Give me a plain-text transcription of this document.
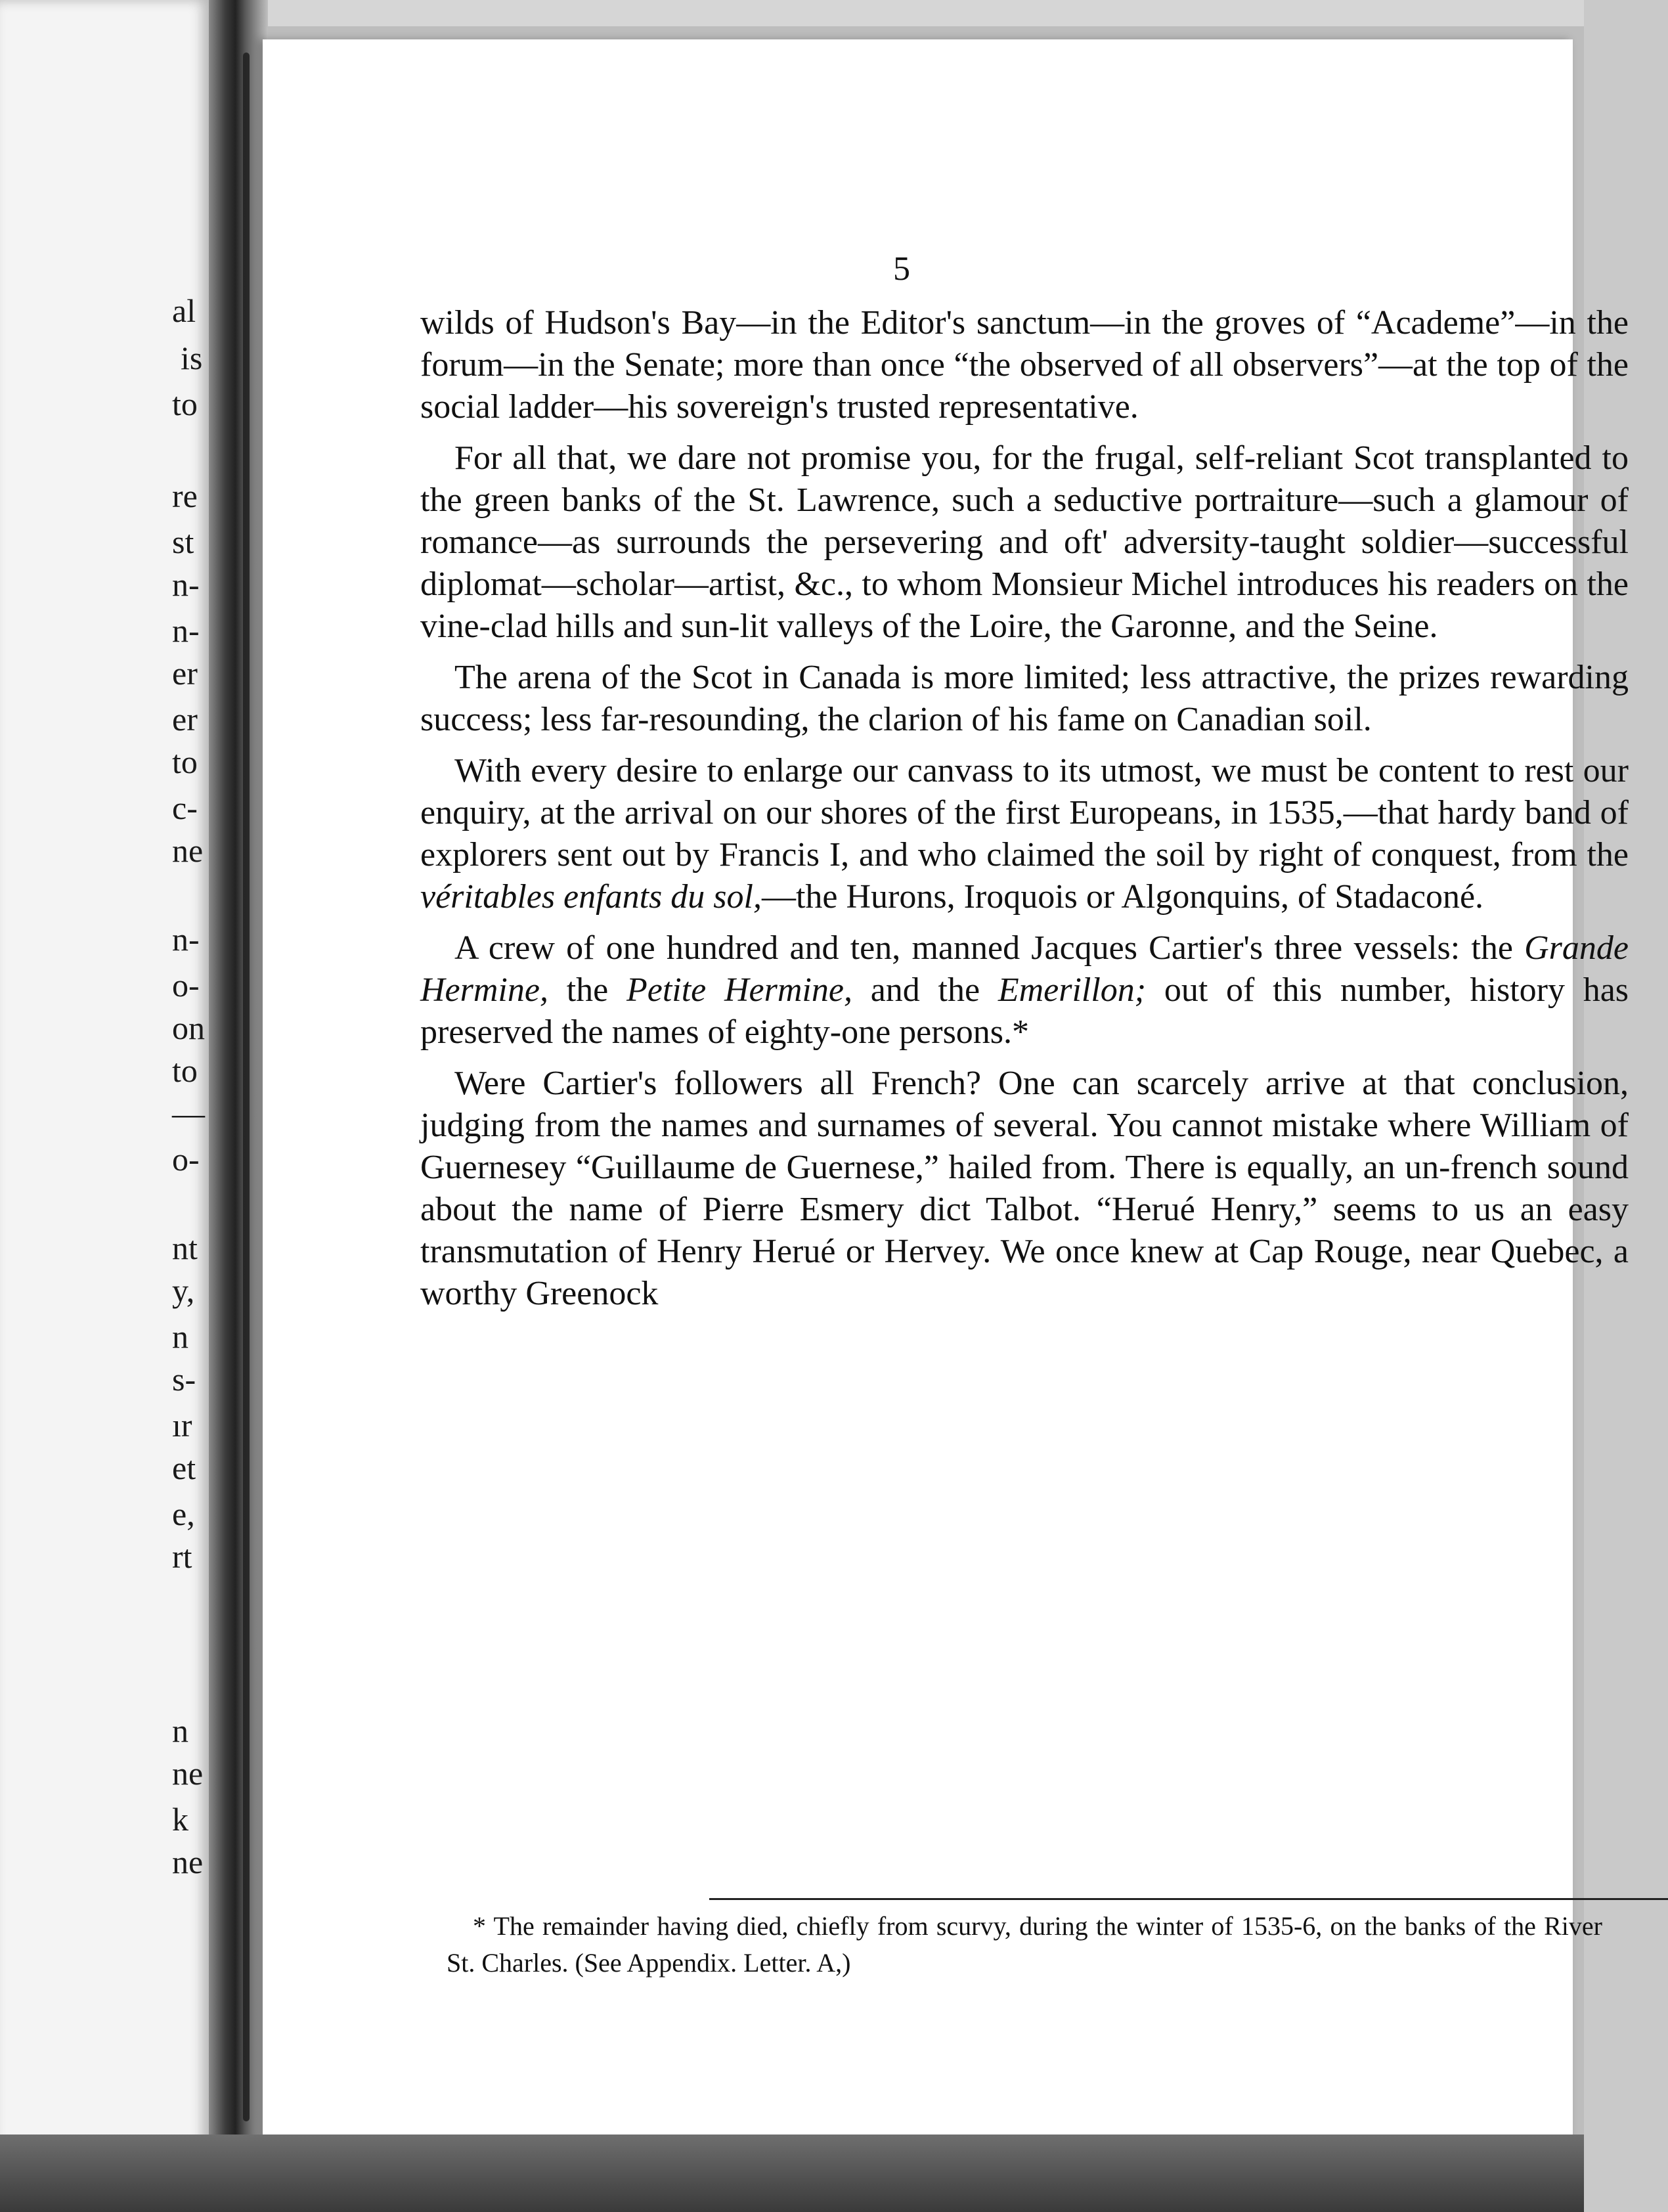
al
is
to
re
st
n-
n-
er
er
to
c-
ne
n-
o-
on
to
—
o-
nt
y,
n
s-
ır
et
e,
rt
n
ne
k
ne
5

wilds of Hudson's Bay—in the Editor's sanctum—in the groves of “Academe”—in the forum—in the Senate; more than once “the observed of all observers”—at the top of the social ladder—his sovereign's trusted representative.

For all that, we dare not promise you, for the frugal, self-reliant Scot transplanted to the green banks of the St. Lawrence, such a seductive portraiture—such a glamour of romance—as surrounds the persevering and oft' adversity-taught soldier—successful diplomat—scholar—artist, &c., to whom Monsieur Michel introduces his readers on the vine-clad hills and sun-lit valleys of the Loire, the Garonne, and the Seine.

The arena of the Scot in Canada is more limited; less attractive, the prizes rewarding success; less far-resounding, the clarion of his fame on Canadian soil.

With every desire to enlarge our canvass to its utmost, we must be content to rest our enquiry, at the arrival on our shores of the first Europeans, in 1535,—that hardy band of explorers sent out by Francis I, and who claimed the soil by right of conquest, from the véritables enfants du sol,—the Hurons, Iroquois or Algonquins, of Stadaconé.

A crew of one hundred and ten, manned Jacques Cartier's three vessels: the Grande Hermine, the Petite Hermine, and the Emerillon; out of this number, history has preserved the names of eighty-one persons.*

Were Cartier's followers all French? One can scarcely arrive at that conclusion, judging from the names and surnames of several. You cannot mistake where William of Guernesey “Guillaume de Guernese,” hailed from. There is equally, an un-french sound about the name of Pierre Esmery dict Talbot. “Herué Henry,” seems to us an easy transmutation of Henry Herué or Hervey. We once knew at Cap Rouge, near Quebec, a worthy Greenock

* The remainder having died, chiefly from scurvy, during the winter of 1535-6, on the banks of the River St. Charles. (See Appendix. Letter. A,)
